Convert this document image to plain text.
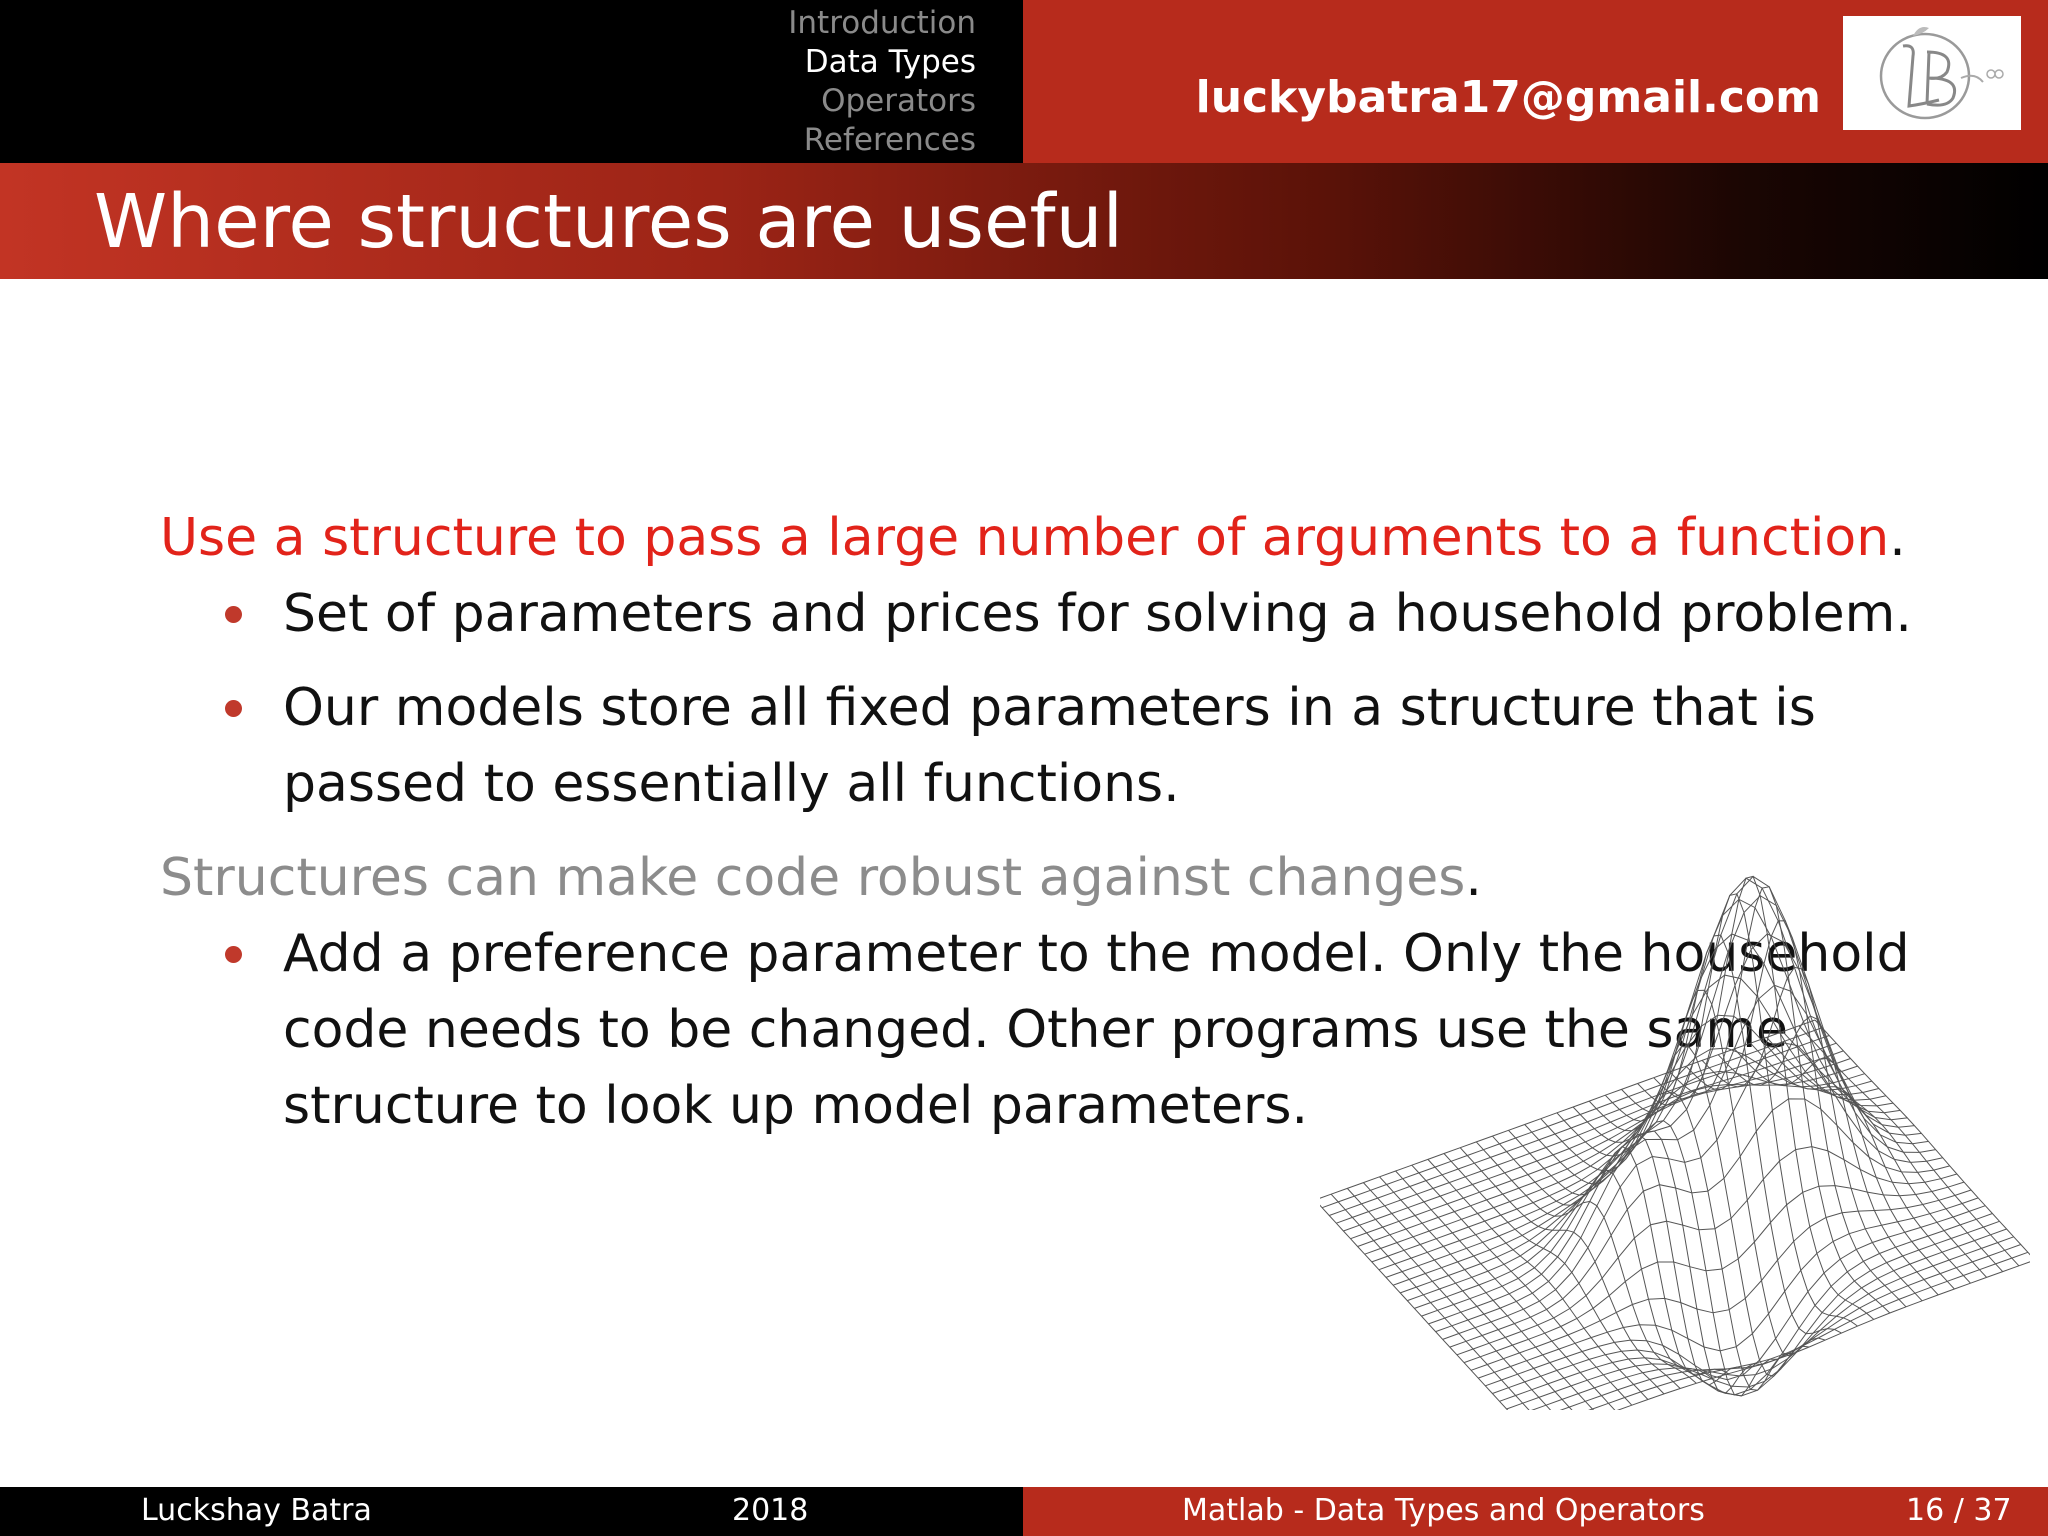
Introduction
Data Types
Operators
References
luckybatra17@gmail.com
Where structures are useful
Use a structure to pass a large number of arguments to a function.
Set of parameters and prices for solving a household problem.
Our models store all fixed parameters in a structure that is passed to essentially all functions.
Structures can make code robust against changes.
Add a preference parameter to the model. Only the household code needs to be changed. Other programs use the same structure to look up model parameters.
Luckshay Batra	2018	Matlab - Data Types and Operators	16 / 37
